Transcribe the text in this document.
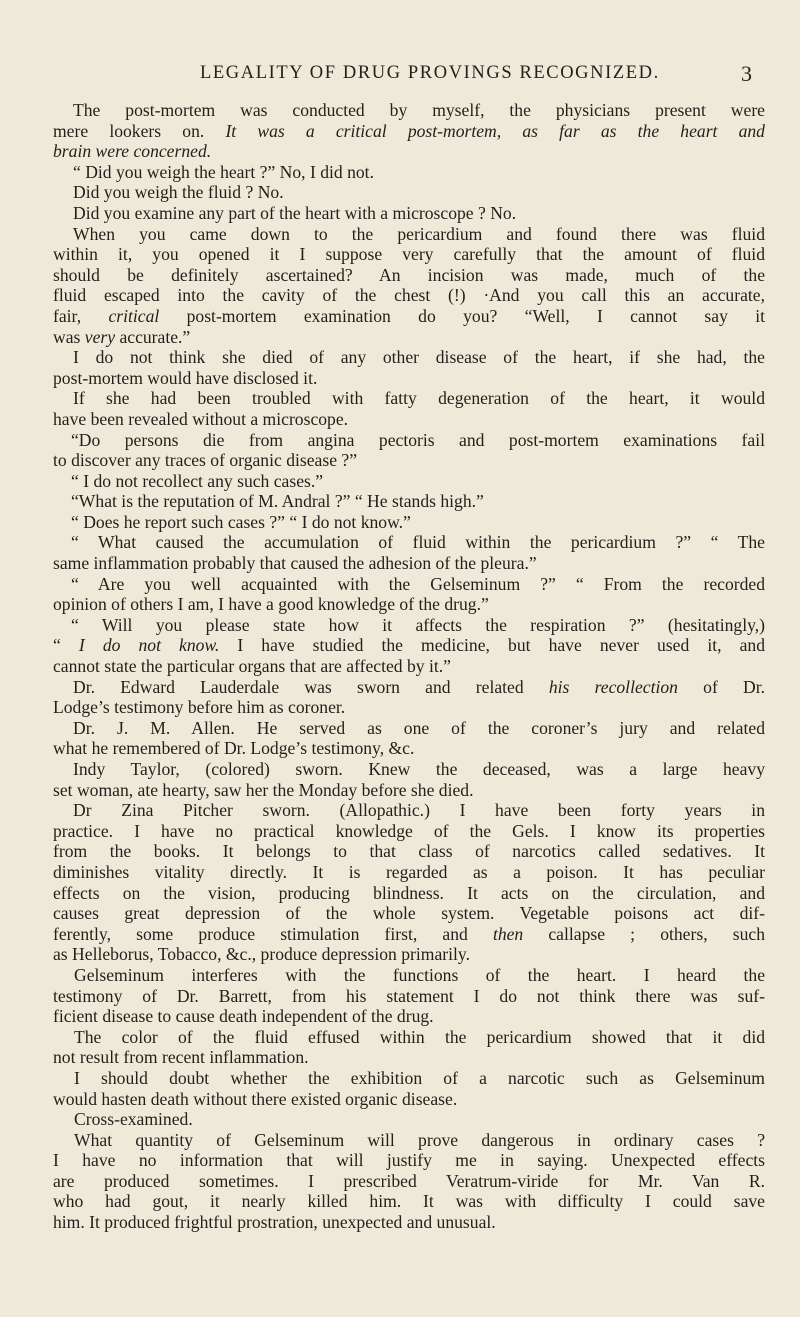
LEGALITY OF DRUG PROVINGS RECOGNIZED.	3
The post-mortem was conducted by myself, the physicians present were
mere lookers on. It was a critical post-mortem, as far as the heart and
brain were concerned.
“ Did you weigh the heart ?” No, I did not.
Did you weigh the fluid ? No.
Did you examine any part of the heart with a microscope ? No.
When you came down to the pericardium and found there was fluid
within it, you opened it I suppose very carefully that the amount of fluid
should be definitely ascertained? An incision was made, much of the
fluid escaped into the cavity of the chest (!) ·And you call this an accurate,
fair, critical post-mortem examination do you? “Well, I cannot say it
was very accurate.”
I do not think she died of any other disease of the heart, if she had, the
post-mortem would have disclosed it.
If she had been troubled with fatty degeneration of the heart, it would
have been revealed without a microscope.
“Do persons die from angina pectoris and post-mortem examinations fail
to discover any traces of organic disease ?”
“ I do not recollect any such cases.”
“What is the reputation of M. Andral ?” “ He stands high.”
“ Does he report such cases ?” “ I do not know.”
“ What caused the accumulation of fluid within the pericardium ?” “ The
same inflammation probably that caused the adhesion of the pleura.”
“ Are you well acquainted with the Gelseminum ?” “ From the recorded
opinion of others I am, I have a good knowledge of the drug.”
“ Will you please state how it affects the respiration ?” (hesitatingly,)
“ I do not know. I have studied the medicine, but have never used it, and
cannot state the particular organs that are affected by it.”
Dr. Edward Lauderdale was sworn and related his recollection of Dr.
Lodge’s testimony before him as coroner.
Dr. J. M. Allen. He served as one of the coroner’s jury and related
what he remembered of Dr. Lodge’s testimony, &c.
Indy Taylor, (colored) sworn. Knew the deceased, was a large heavy
set woman, ate hearty, saw her the Monday before she died.
Dr Zina Pitcher sworn. (Allopathic.) I have been forty years in
practice. I have no practical knowledge of the Gels. I know its properties
from the books. It belongs to that class of narcotics called sedatives. It
diminishes vitality directly. It is regarded as a poison. It has peculiar
effects on the vision, producing blindness. It acts on the circulation, and
causes great depression of the whole system. Vegetable poisons act dif-
ferently, some produce stimulation first, and then callapse ; others, such
as Helleborus, Tobacco, &c., produce depression primarily.
Gelseminum interferes with the functions of the heart. I heard the
testimony of Dr. Barrett, from his statement I do not think there was suf-
ficient disease to cause death independent of the drug.
The color of the fluid effused within the pericardium showed that it did
not result from recent inflammation.
I should doubt whether the exhibition of a narcotic such as Gelseminum
would hasten death without there existed organic disease.
Cross-examined.
What quantity of Gelseminum will prove dangerous in ordinary cases ?
I have no information that will justify me in saying. Unexpected effects
are produced sometimes. I prescribed Veratrum-viride for Mr. Van R.
who had gout, it nearly killed him. It was with difficulty I could save
him. It produced frightful prostration, unexpected and unusual.
